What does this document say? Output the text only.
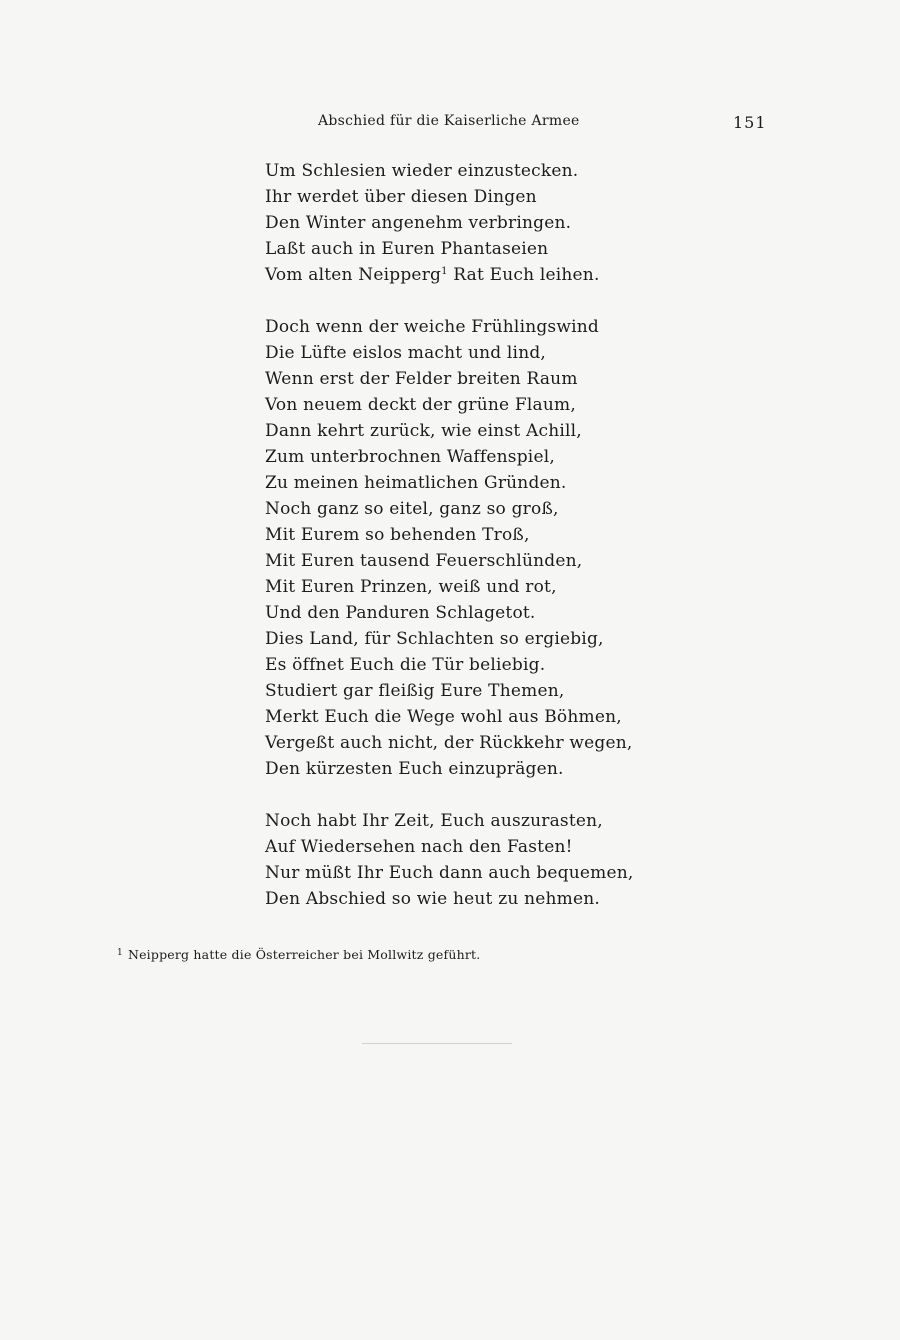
Abschied für die Kaiserliche Armee	151
Um Schlesien wieder einzustecken.
Ihr werdet über diesen Dingen
Den Winter angenehm verbringen.
Laßt auch in Euren Phantaseien
Vom alten Neipperg$^1$ Rat Euch leihen.
Doch wenn der weiche Frühlingswind
Die Lüfte eislos macht und lind,
Wenn erst der Felder breiten Raum
Von neuem deckt der grüne Flaum,
Dann kehrt zurück, wie einst Achill,
Zum unterbrochnen Waffenspiel,
Zu meinen heimatlichen Gründen.
Noch ganz so eitel, ganz so groß,
Mit Eurem so behenden Troß,
Mit Euren tausend Feuerschlünden,
Mit Euren Prinzen, weiß und rot,
Und den Panduren Schlagetot.
Dies Land, für Schlachten so ergiebig,
Es öffnet Euch die Tür beliebig.
Studiert gar fleißig Eure Themen,
Merkt Euch die Wege wohl aus Böhmen,
Vergeßt auch nicht, der Rückkehr wegen,
Den kürzesten Euch einzuprägen.
Noch habt Ihr Zeit, Euch auszurasten,
Auf Wiedersehen nach den Fasten!
Nur müßt Ihr Euch dann auch bequemen,
Den Abschied so wie heut zu nehmen.
$^1$ Neipperg hatte die Österreicher bei Mollwitz geführt.
